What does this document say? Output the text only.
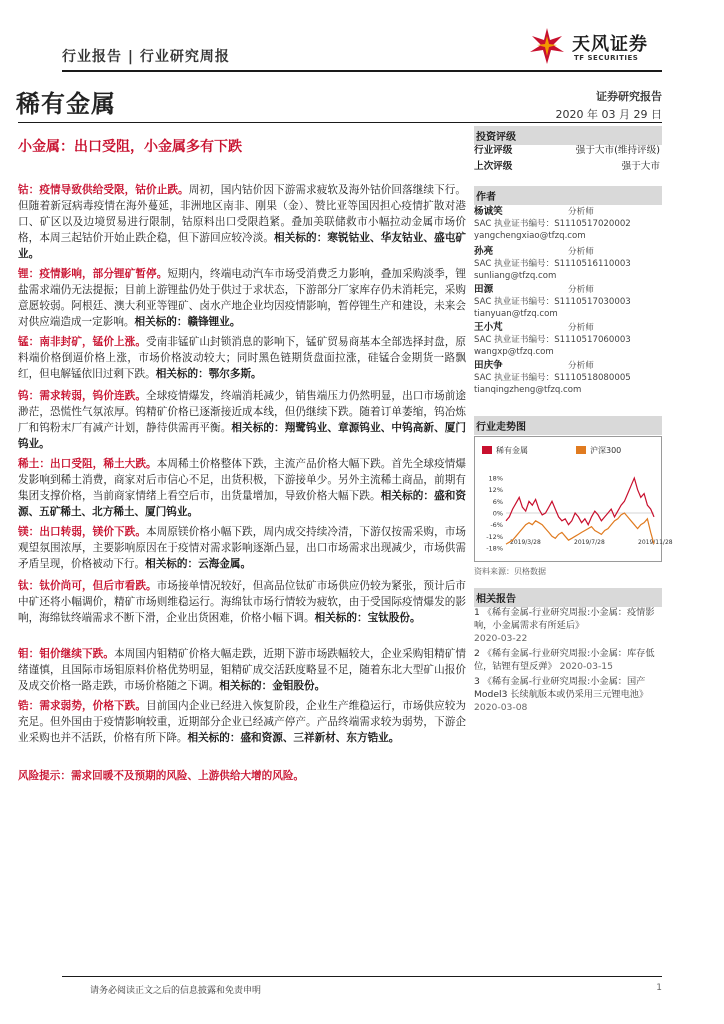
行业报告 | 行业研究周报
天风证券
TF SECURITIES
稀有金属	证券研究报告
2020 年 03 月 29 日
小金属：出口受阻，小金属多有下跌
钴：疫情导致供给受限，钴价止跌。周初，国内钴价因下游需求疲软及海外钴价回落继续下行。但随着新冠病毒疫情在海外蔓延，非洲地区南非、刚果（金）、赞比亚等国因担心疫情扩散对港口、矿区以及边境贸易进行限制，钴原料出口受限趋紧。叠加美联储救市小幅拉动金属市场价格，本周三起钴价开始止跌企稳，但下游回应较冷淡。相关标的：寒锐钴业、华友钴业、盛屯矿业。
锂：疫情影响，部分锂矿暂停。短期内，终端电动汽车市场受消费乏力影响，叠加采购淡季，锂盐需求端仍无法提振；目前上游锂盐仍处于供过于求状态，下游部分厂家库存仍未消耗完，采购意愿较弱。阿根廷、澳大利亚等锂矿、卤水产地企业均因疫情影响，暂停锂生产和建设，未来会对供应端造成一定影响。相关标的：赣锋锂业。
锰：南非封矿，锰价上涨。受南非锰矿山封锁消息的影响下，锰矿贸易商基本全部选择封盘，原料端价格倒逼价格上涨，市场价格波动较大；同时黑色链期货盘面拉涨，硅锰合金期货一路飘红，但电解锰依旧过剩下跌。相关标的：鄂尔多斯。
钨：需求转弱，钨价连跌。全球疫情爆发，终端消耗减少，销售端压力仍然明显，出口市场前途渺茫，恐慌性气氛浓厚。钨精矿价格已逐渐接近成本线，但仍继续下跌。随着订单萎缩，钨冶炼厂和钨粉末厂有减产计划，静待供需再平衡。相关标的：翔鹭钨业、章源钨业、中钨高新、厦门钨业。
稀土：出口受阻，稀土大跌。本周稀土价格整体下跌，主流产品价格大幅下跌。首先全球疫情爆发影响到稀土消费，商家对后市信心不足，出货积极，下游接单少。另外主流稀土商品，前期有集团支撑价格，当前商家情绪上看空后市，出货量增加，导致价格大幅下跌。相关标的：盛和资源、五矿稀土、北方稀土、厦门钨业。
镁：出口转弱，镁价下跌。本周原镁价格小幅下跌，周内成交持续冷清，下游仅按需采购，市场观望氛围浓厚，主要影响原因在于疫情对需求影响逐渐凸显，出口市场需求出现减少，市场供需矛盾呈现，价格被动下行。相关标的：云海金属。
钛：钛价尚可，但后市看跌。市场接单情况较好，但高品位钛矿市场供应仍较为紧张，预计后市中矿还将小幅调价，精矿市场则维稳运行。海绵钛市场行情较为疲软，由于受国际疫情爆发的影响，海绵钛终端需求不断下滑，企业出货困难，价格小幅下调。相关标的：宝钛股份。
钼：钼价继续下跌。本周国内钼精矿价格大幅走跌，近期下游市场跌幅较大，企业采购钼精矿情绪谨慎，且国际市场钼原料价格优势明显，钼精矿成交活跃度略显不足，随着东北大型矿山报价及成交价格一路走跌，市场价格随之下调。相关标的：金钼股份。
锆：需求弱势，价格下跌。目前国内企业已经进入恢复阶段，企业生产维稳运行，市场供应较为充足。但外国由于疫情影响较重，近期部分企业已经减产停产。产品终端需求较为弱势，下游企业采购也并不活跃，价格有所下降。相关标的：盛和资源、三祥新材、东方锆业。
风险提示：需求回暖不及预期的风险、上游供给大增的风险。
投资评级
行业评级	强于大市(维持评级)
上次评级	强于大市
作者
杨诚笑	分析师
SAC 执业证书编号：S1110517020002
yangchengxiao@tfzq.com
孙亮	分析师
SAC 执业证书编号：S1110516110003
sunliang@tfzq.com
田源	分析师
SAC 执业证书编号：S1110517030003
tianyuan@tfzq.com
王小芃	分析师
SAC 执业证书编号：S1110517060003
wangxp@tfzq.com
田庆争	分析师
SAC 执业证书编号：S1110518080005
tianqingzheng@tfzq.com
行业走势图
稀有金属	沪深300
18%
12%
6%
0%
-6%
-12%
-18%
2019/3/28	2019/7/28	2019/11/28
资料来源：贝格数据
相关报告
1 《稀有金属-行业研究周报:小金属：疫情影响，小金属需求有所延后》
2020-03-22
2 《稀有金属-行业研究周报:小金属：库存低位，钴锂有望反弹》 2020-03-15
3 《稀有金属-行业研究周报:小金属：国产 Model3 长续航版本或仍采用三元锂电池》
2020-03-08
请务必阅读正文之后的信息披露和免责申明	1
